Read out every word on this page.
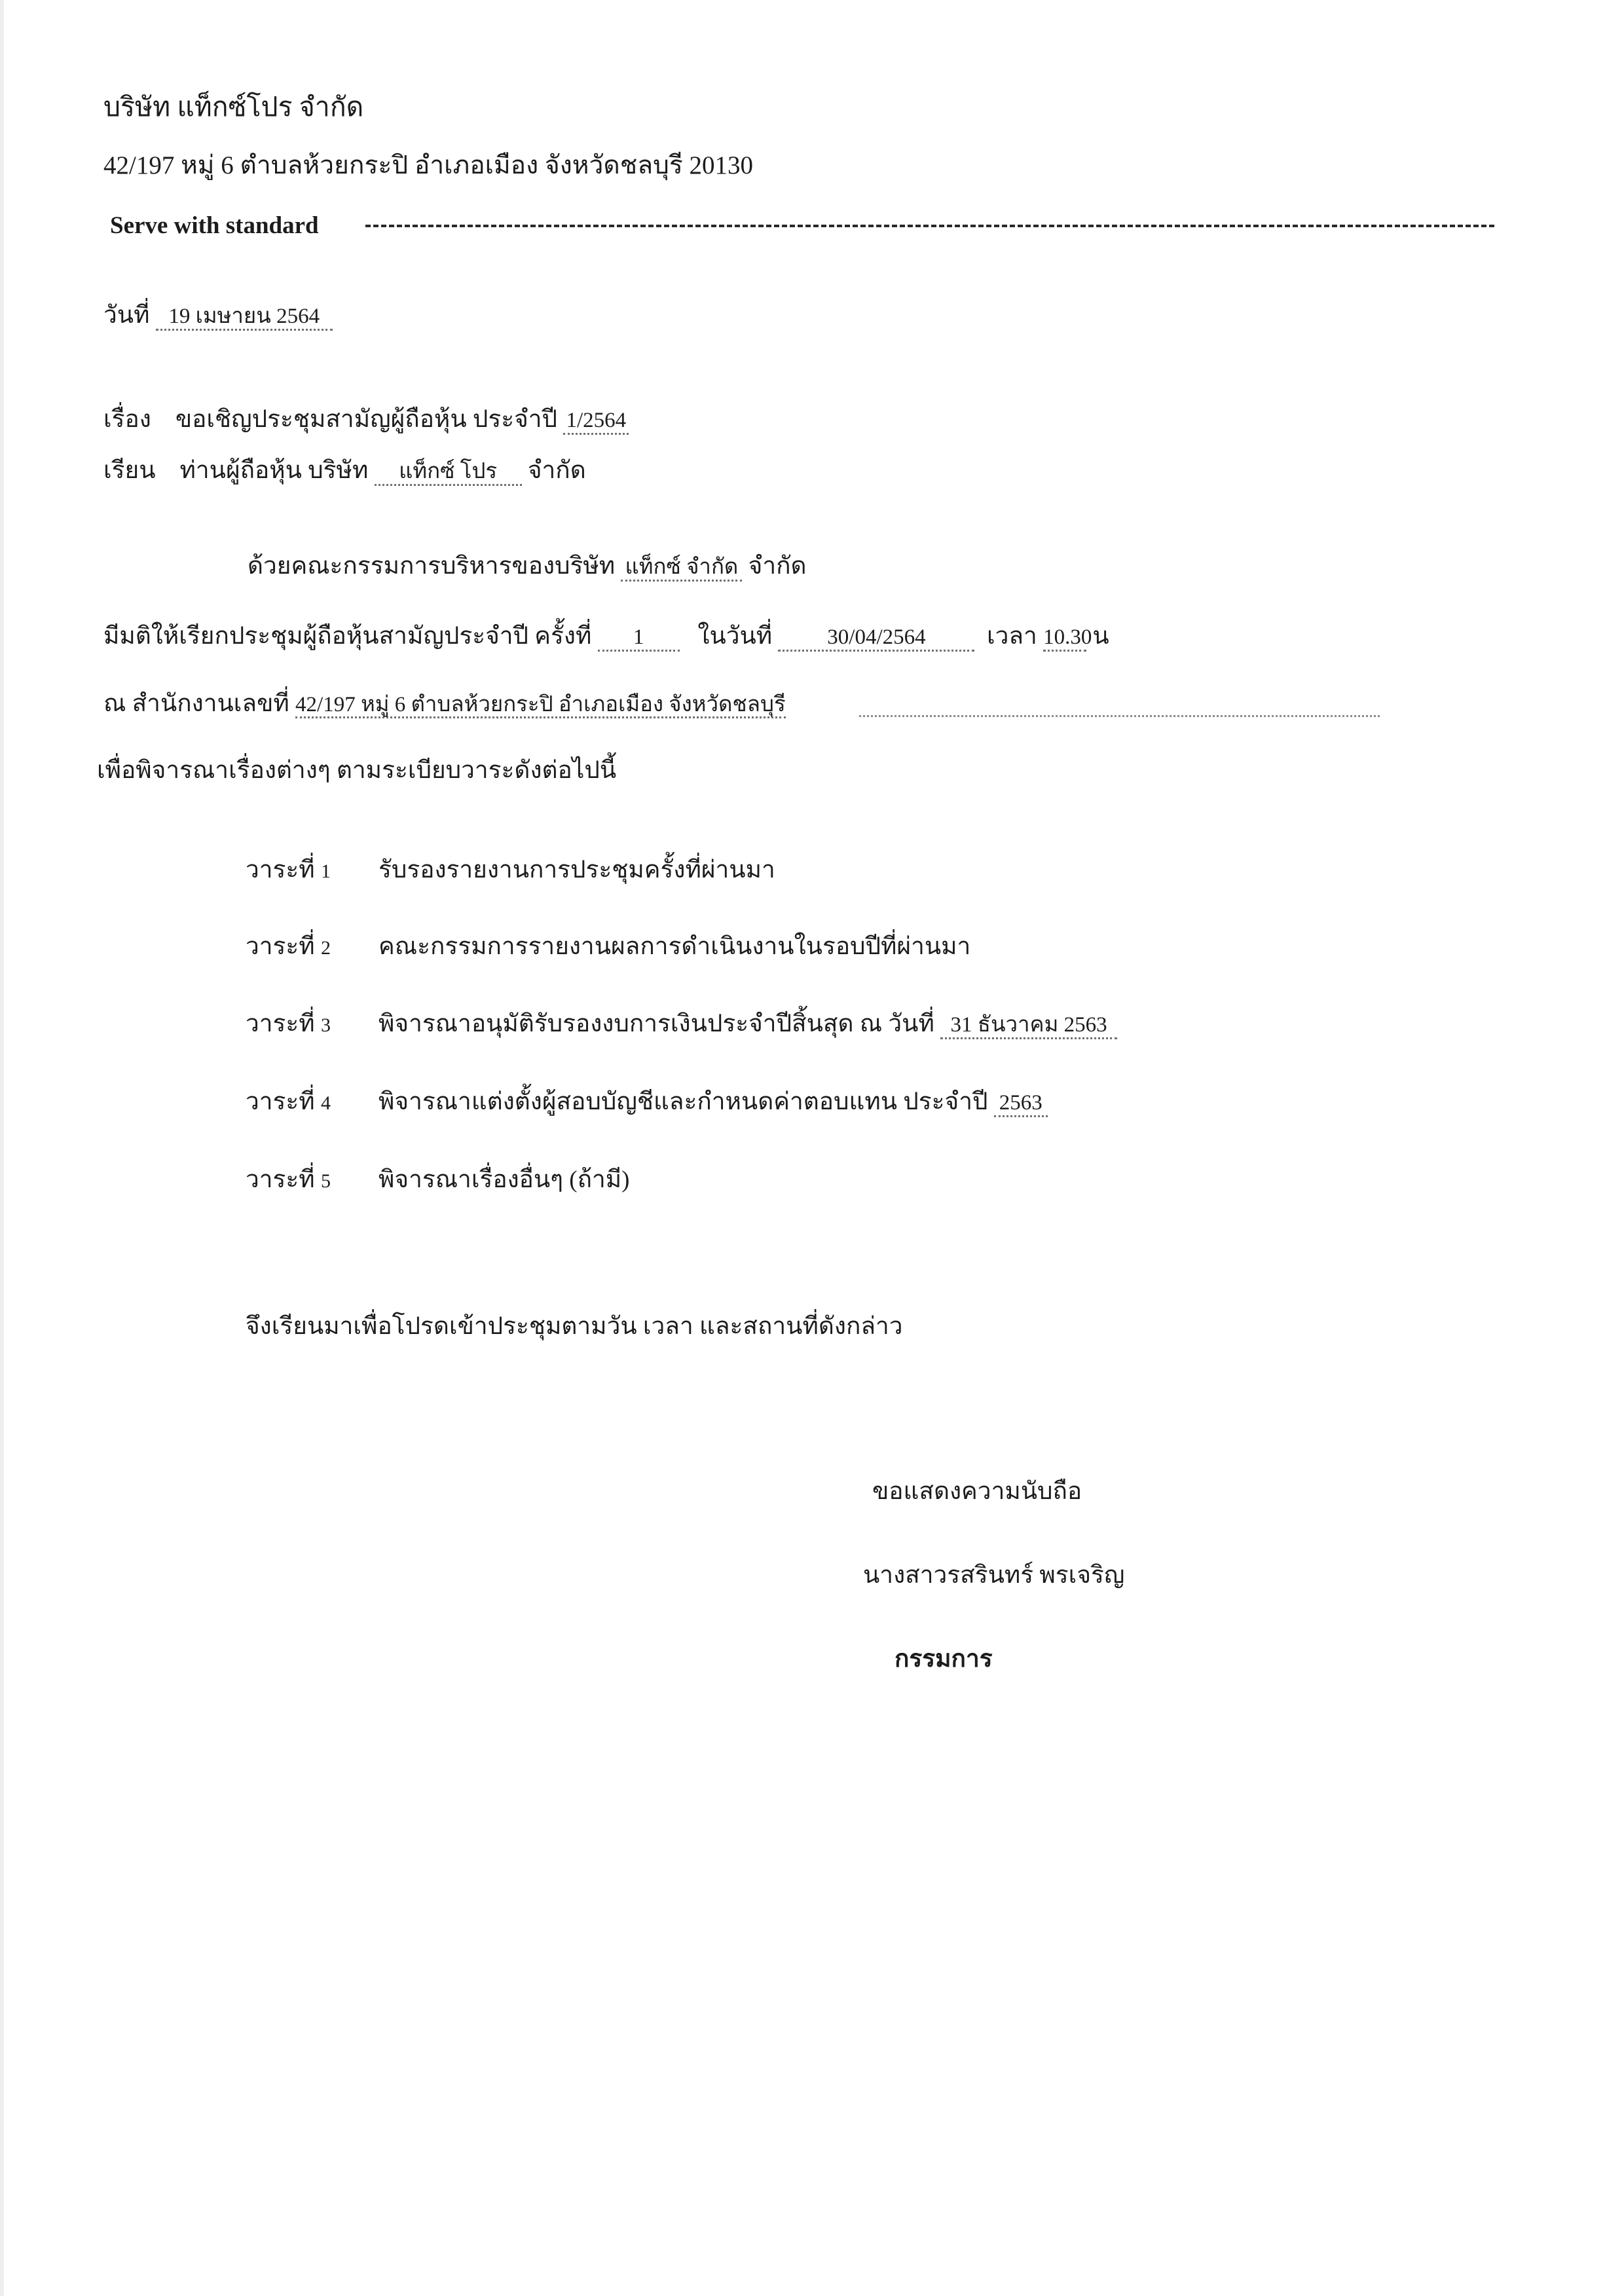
บริษัท แท็กซ์โปร จำกัด
42/197 หมู่ 6 ตำบลห้วยกระปิ อำเภอเมือง จังหวัดชลบุรี 20130
Serve with standard
วันที่ 19 เมษายน 2564
เรื่อง ขอเชิญประชุมสามัญผู้ถือหุ้น ประจำปี 1/2564
เรียน ท่านผู้ถือหุ้น บริษัท แท็กซ์ โปร จำกัด
ด้วยคณะกรรมการบริหารของบริษัท แท็กซ์ จำกัด จำกัด
มีมติให้เรียกประชุมผู้ถือหุ้นสามัญประจำปี ครั้งที่ 1 ในวันที่	30/04/2564	เวลา 10.30 น
ณ สำนักงานเลขที่ 42/197 หมู่ 6 ตำบลห้วยกระปิ อำเภอเมือง จังหวัดชลบุรี
เพื่อพิจารณาเรื่องต่างๆ ตามระเบียบวาระดังต่อไปนี้
วาระที่ 1 รับรองรายงานการประชุมครั้งที่ผ่านมา
วาระที่ 2 คณะกรรมการรายงานผลการดำเนินงานในรอบปีที่ผ่านมา
วาระที่ 3 พิจารณาอนุมัติรับรองงบการเงินประจำปีสิ้นสุด ณ วันที่ 31 ธันวาคม 2563
วาระที่ 4 พิจารณาแต่งตั้งผู้สอบบัญชีและกำหนดค่าตอบแทน ประจำปี 2563
วาระที่ 5 พิจารณาเรื่องอื่นๆ (ถ้ามี)
จึงเรียนมาเพื่อโปรดเข้าประชุมตามวัน เวลา และสถานที่ดังกล่าว
ขอแสดงความนับถือ
นางสาวรสรินทร์ พรเจริญ
กรรมการ
